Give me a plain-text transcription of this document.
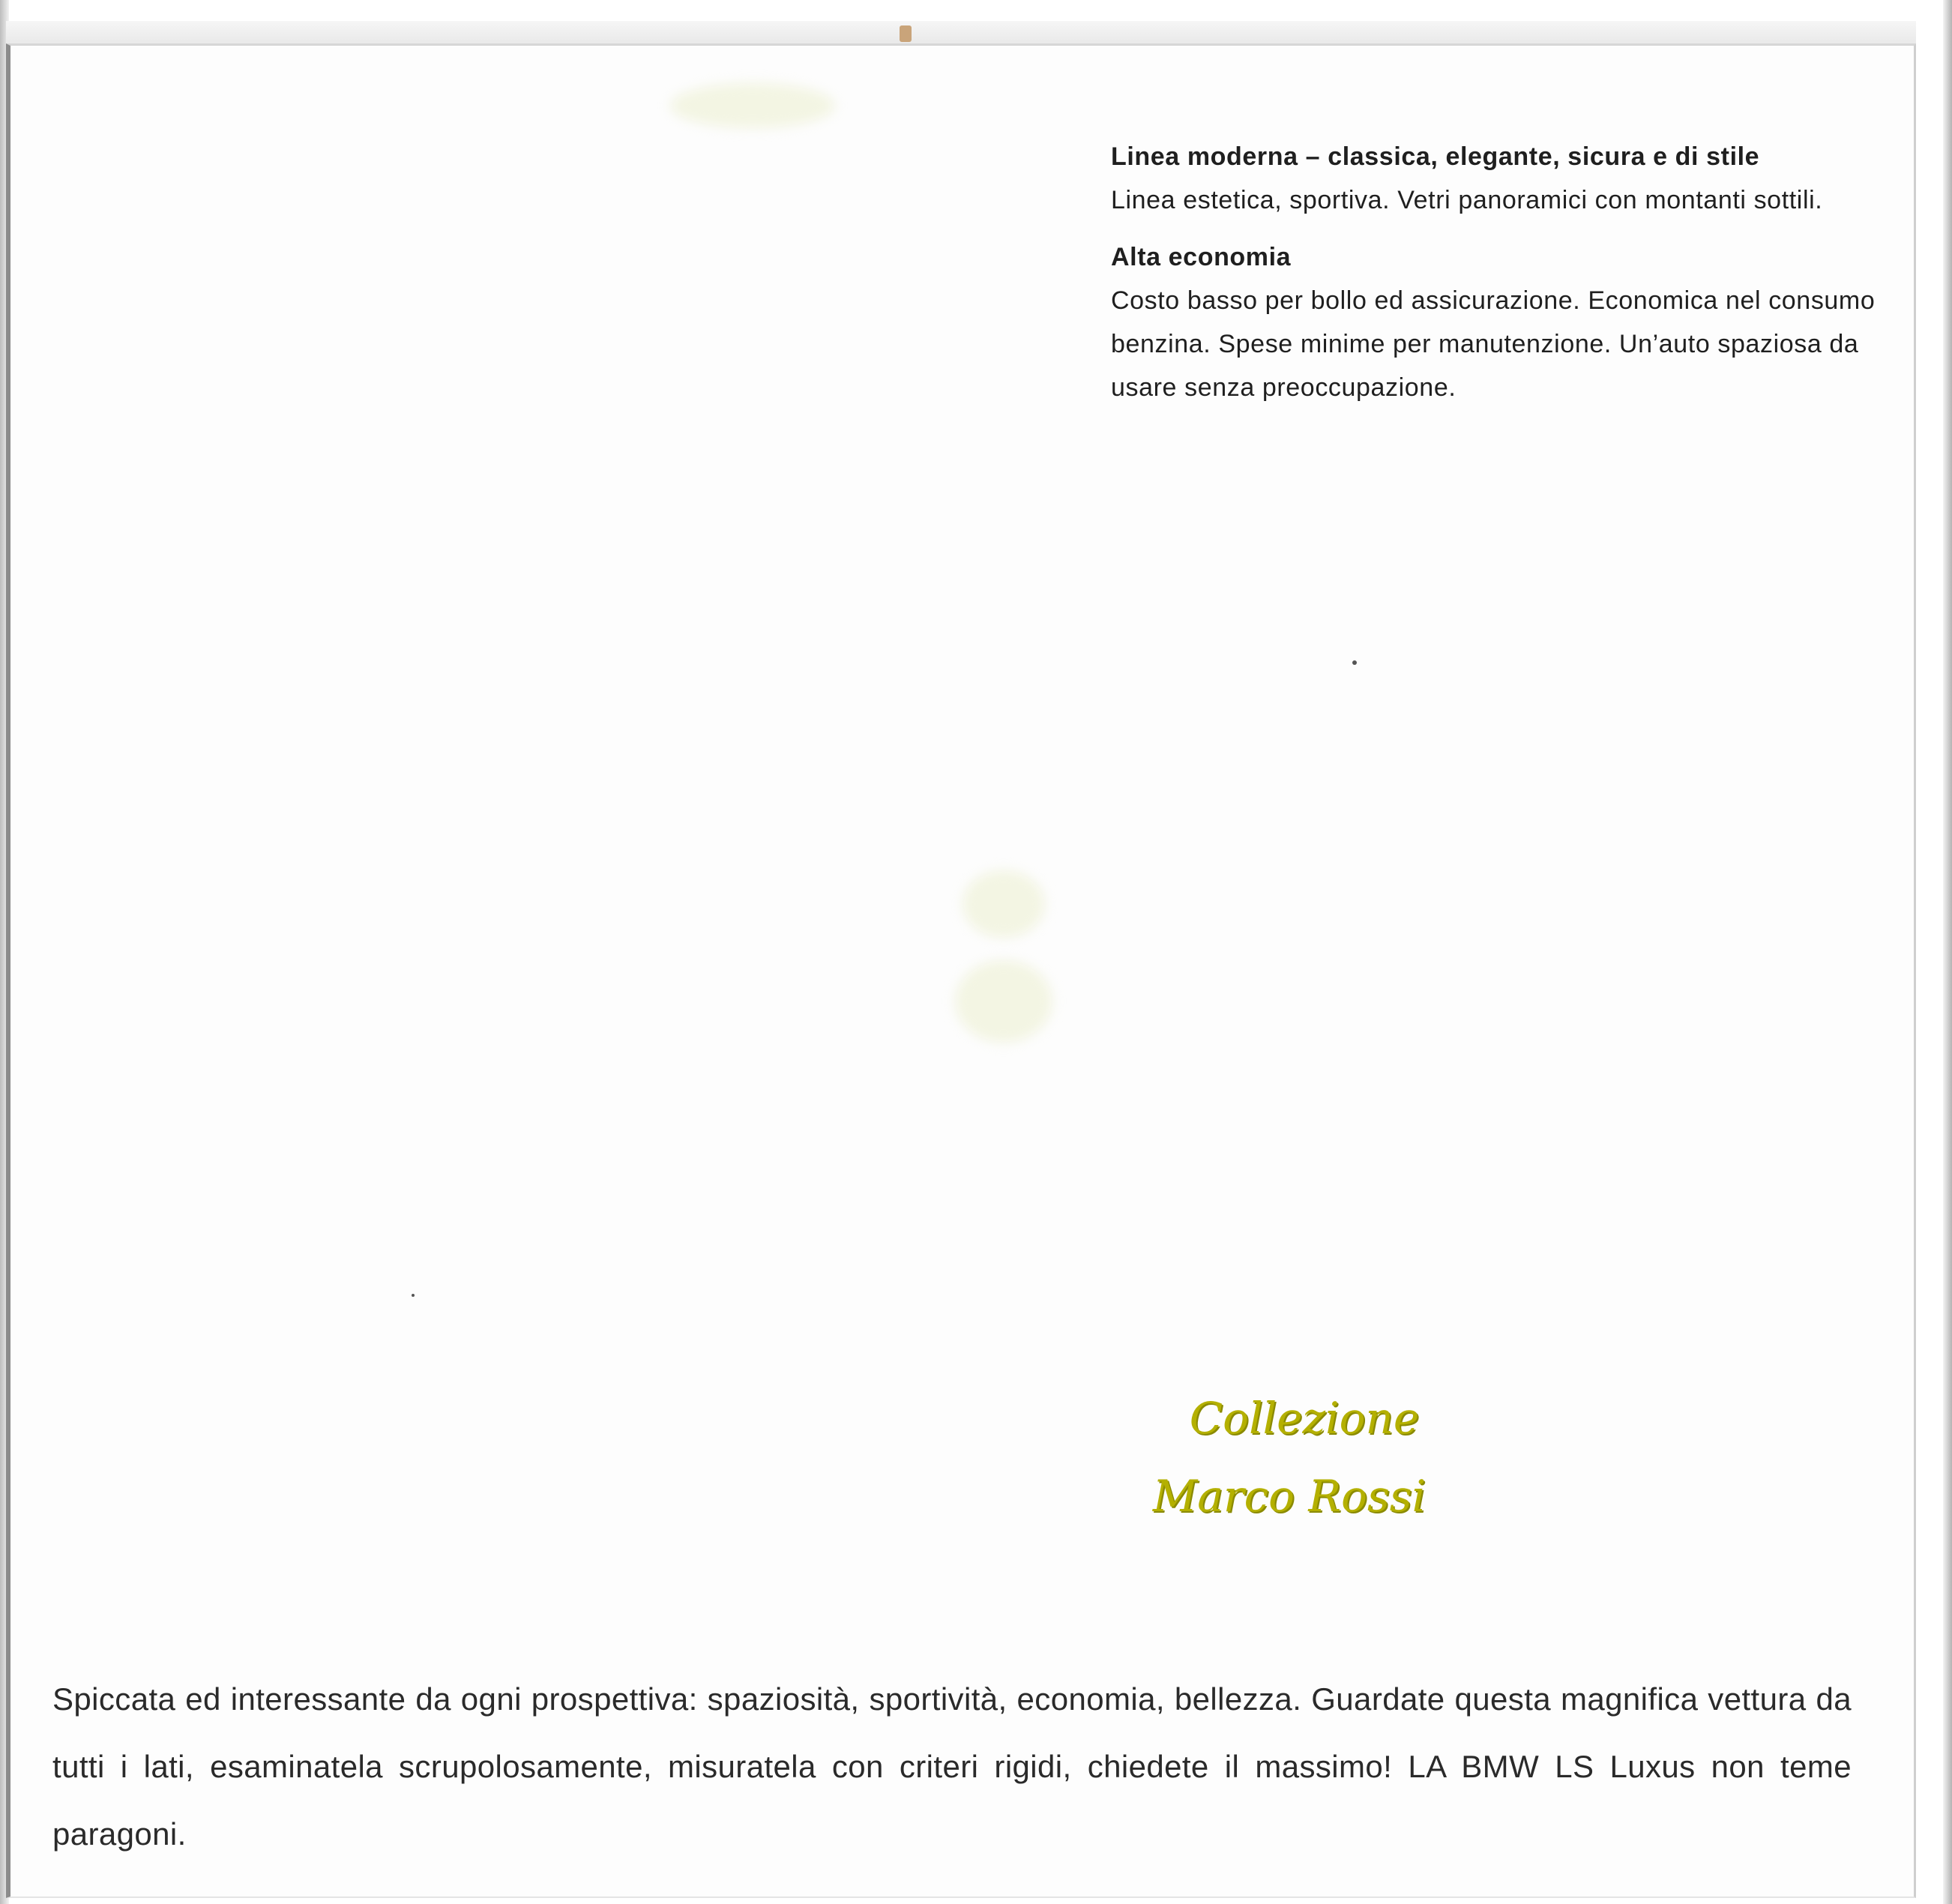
Linea moderna – classica, elegante, sicura e di stile

Linea estetica, sportiva. Vetri panoramici con montanti sottili.

Alta economia

Costo basso per bollo ed assicurazione. Economica nel consumo benzina. Spese minime per manutenzione. Un’auto spaziosa da usare senza preoccupazione.

Collezione
Marco Rossi

Spiccata ed interessante da ogni prospettiva: spaziosità, sportività, economia, bellezza. Guardate questa magnifica vettura da tutti i lati, esaminatela scrupolosamente, misuratela con criteri rigidi, chiedete il massimo! LA BMW LS Luxus non teme paragoni.
